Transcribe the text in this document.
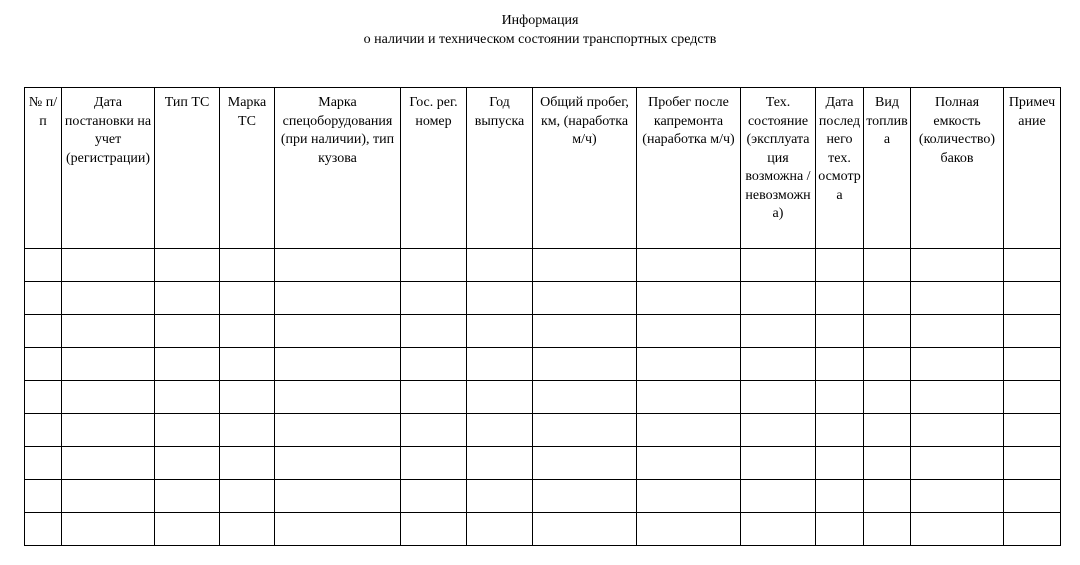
Информация
о наличии и техническом состоянии транспортных средств
№ п/п	Дата постановки на учет (регистрации)	Тип ТС	Марка ТС	Марка спецоборудования (при наличии), тип кузова	Гос. рег. номер	Год выпуска	Общий пробег, км, (наработка м/ч)	Пробег после капремонта (наработка м/ч)	Тех. состояние (эксплуатация возможна /невозможна)	Дата последнего тех. осмотра	Вид топлива	Полная емкость (количество) баков	Примечание
